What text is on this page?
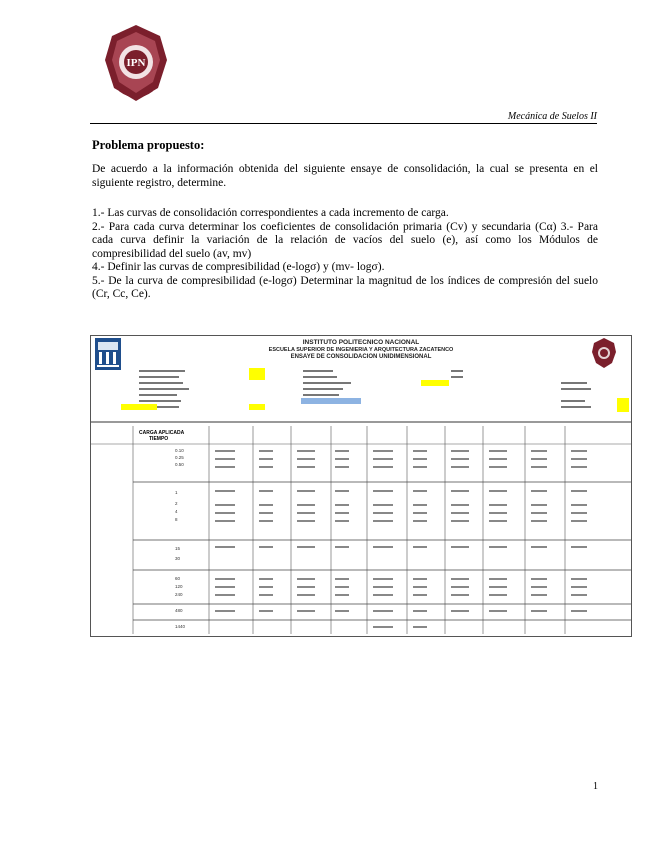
IPN
Mecánica de Suelos II
Problema propuesto:

De acuerdo a la información obtenida del siguiente ensaye de consolidación, la cual se presenta en el siguiente registro, determine.

1.- Las curvas de consolidación correspondientes a cada incremento de carga.

2.- Para cada curva determinar los coeficientes de consolidación primaria (Cv) y secundaria (Cα) 3.- Para cada curva definir la variación de la relación de vacíos del suelo (e), así como los Módulos de compresibilidad del suelo (av, mv)

4.- Definir las curvas de compresibilidad (e-logσ) y (mv- logσ).

5.- De la curva de compresibilidad (e-logσ) Determinar la magnitud de los índices de compresión del suelo (Cr, Cc, Ce).

INSTITUTO POLITECNICO NACIONAL
ESCUELA SUPERIOR DE INGENIERIA Y ARQUITECTURA ZACATENCO
ENSAYE DE CONSOLIDACION UNIDIMENSIONAL
CARGA APLICADA
TIEMPO
0.10
0.25
0.50
1
2
4
8
15
30
60
120
240
480
1440
1
